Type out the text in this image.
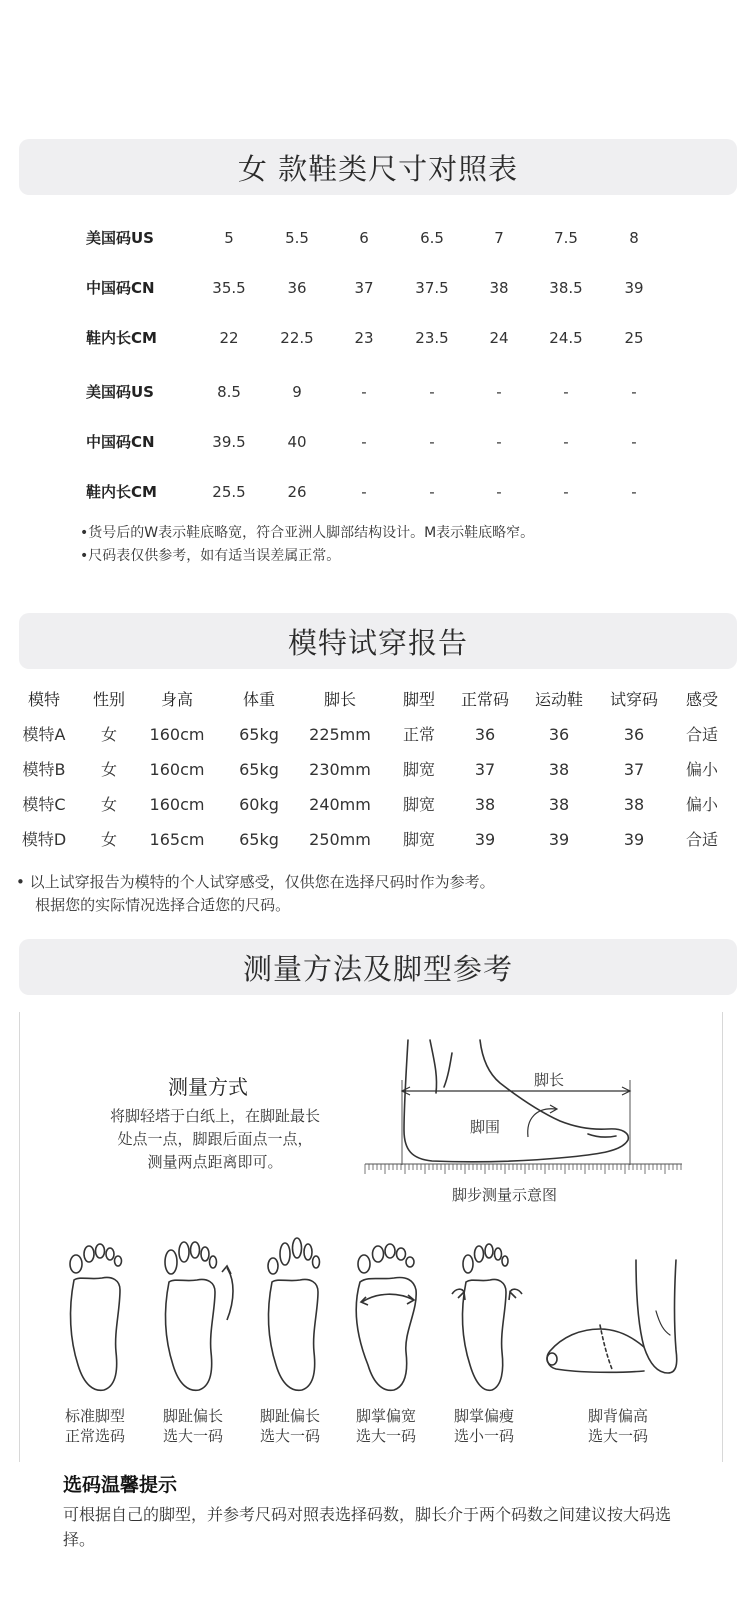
女 款鞋类尺寸对照表
美国码US	5	5.5	6	6.5	7	7.5	8
中国码CN	35.5	36	37	37.5	38	38.5	39
鞋内长CM	22	22.5	23	23.5	24	24.5	25
美国码US	8.5	9	-	-	-	-	-
中国码CN	39.5	40	-	-	-	-	-
鞋内长CM	25.5	26	-	-	-	-	-
•货号后的W表示鞋底略宽，符合亚洲人脚部结构设计。M表示鞋底略窄。
•尺码表仅供参考，如有适当误差属正常。
模特试穿报告
模特	性别	身高	体重	脚长	脚型	正常码	运动鞋	试穿码	感受
模特A	女	160cm	65kg	225mm	正常	36	36	36	合适
模特B	女	160cm	65kg	230mm	脚宽	37	38	37	偏小
模特C	女	160cm	60kg	240mm	脚宽	38	38	38	偏小
模特D	女	165cm	65kg	250mm	脚宽	39	39	39	合适
• 以上试穿报告为模特的个人试穿感受，仅供您在选择尺码时作为参考。
根据您的实际情况选择合适您的尺码。
测量方法及脚型参考
测量方式
将脚轻塔于白纸上，在脚趾最长
处点一点，脚跟后面点一点，
测量两点距离即可。
脚长
脚围
脚步测量示意图
标准脚型
正常选码
脚趾偏长
选大一码
脚趾偏长
选大一码
脚掌偏宽
选大一码
脚掌偏瘦
选小一码
脚背偏高
选大一码
选码温馨提示
可根据自己的脚型，并参考尺码对照表选择码数，脚长介于两个码数之间建议按大码选择。
